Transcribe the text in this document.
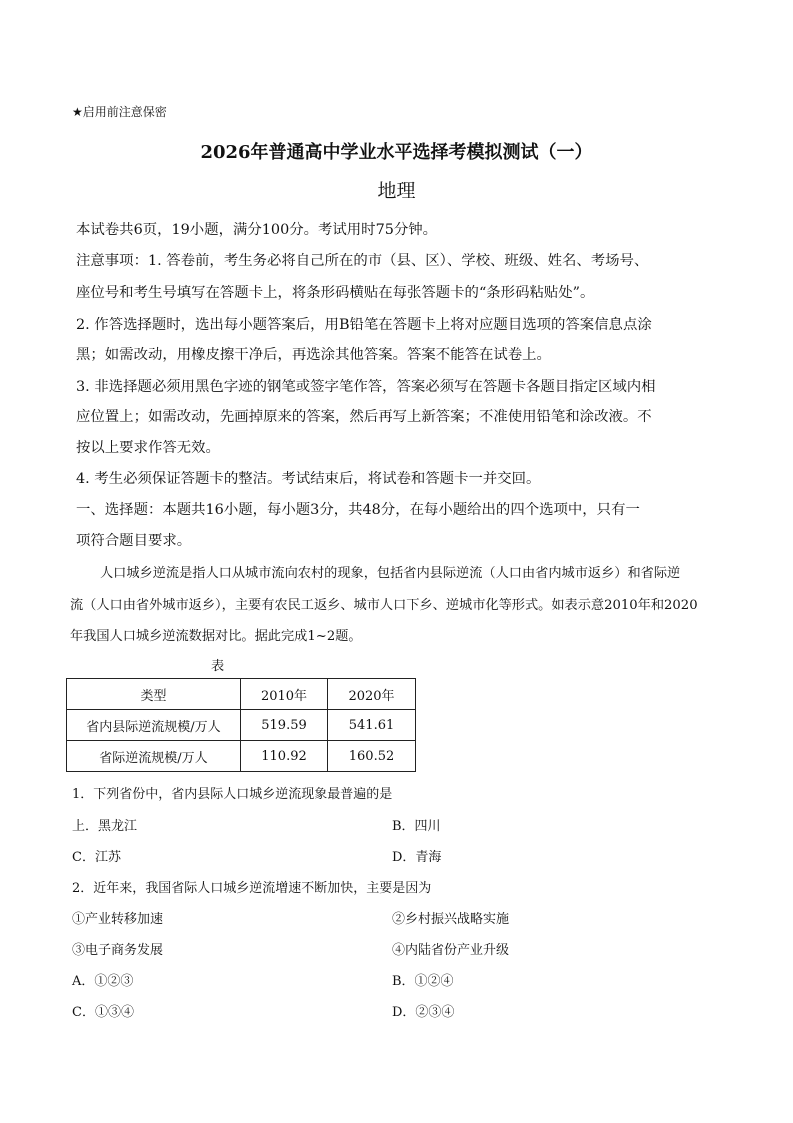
★启用前注意保密
2026年普通高中学业水平选择考模拟测试（一）
地理
本试卷共6页，19小题，满分100分。考试用时75分钟。
注意事项：1. 答卷前，考生务必将自己所在的市（县、区）、学校、班级、姓名、考场号、
座位号和考生号填写在答题卡上，将条形码横贴在每张答题卡的“条形码粘贴处”。
2. 作答选择题时，选出每小题答案后，用B铅笔在答题卡上将对应题目选项的答案信息点涂
黑；如需改动，用橡皮擦干净后，再选涂其他答案。答案不能答在试卷上。
3. 非选择题必须用黑色字迹的钢笔或签字笔作答，答案必须写在答题卡各题目指定区域内相
应位置上；如需改动，先画掉原来的答案，然后再写上新答案；不准使用铅笔和涂改液。不
按以上要求作答无效。
4. 考生必须保证答题卡的整洁。考试结束后，将试卷和答题卡一并交回。
一、选择题：本题共16小题，每小题3分，共48分，在每小题给出的四个选项中，只有一
项符合题目要求。
人口城乡逆流是指人口从城市流向农村的现象，包括省内县际逆流（人口由省内城市返乡）和省际逆
流（人口由省外城市返乡），主要有农民工返乡、城市人口下乡、逆城市化等形式。如表示意2010年和2020
年我国人口城乡逆流数据对比。据此完成1~2题。
表
类型	2010年	2020年
省内县际逆流规模/万人	519.59	541.61
省际逆流规模/万人	110.92	160.52
1．下列省份中，省内县际人口城乡逆流现象最普遍的是
上．黑龙江	B．四川
C．江苏	D．青海
2．近年来，我国省际人口城乡逆流增速不断加快，主要是因为
①产业转移加速	②乡村振兴战略实施
③电子商务发展	④内陆省份产业升级
A．①②③	B．①②④
C．①③④	D．②③④
